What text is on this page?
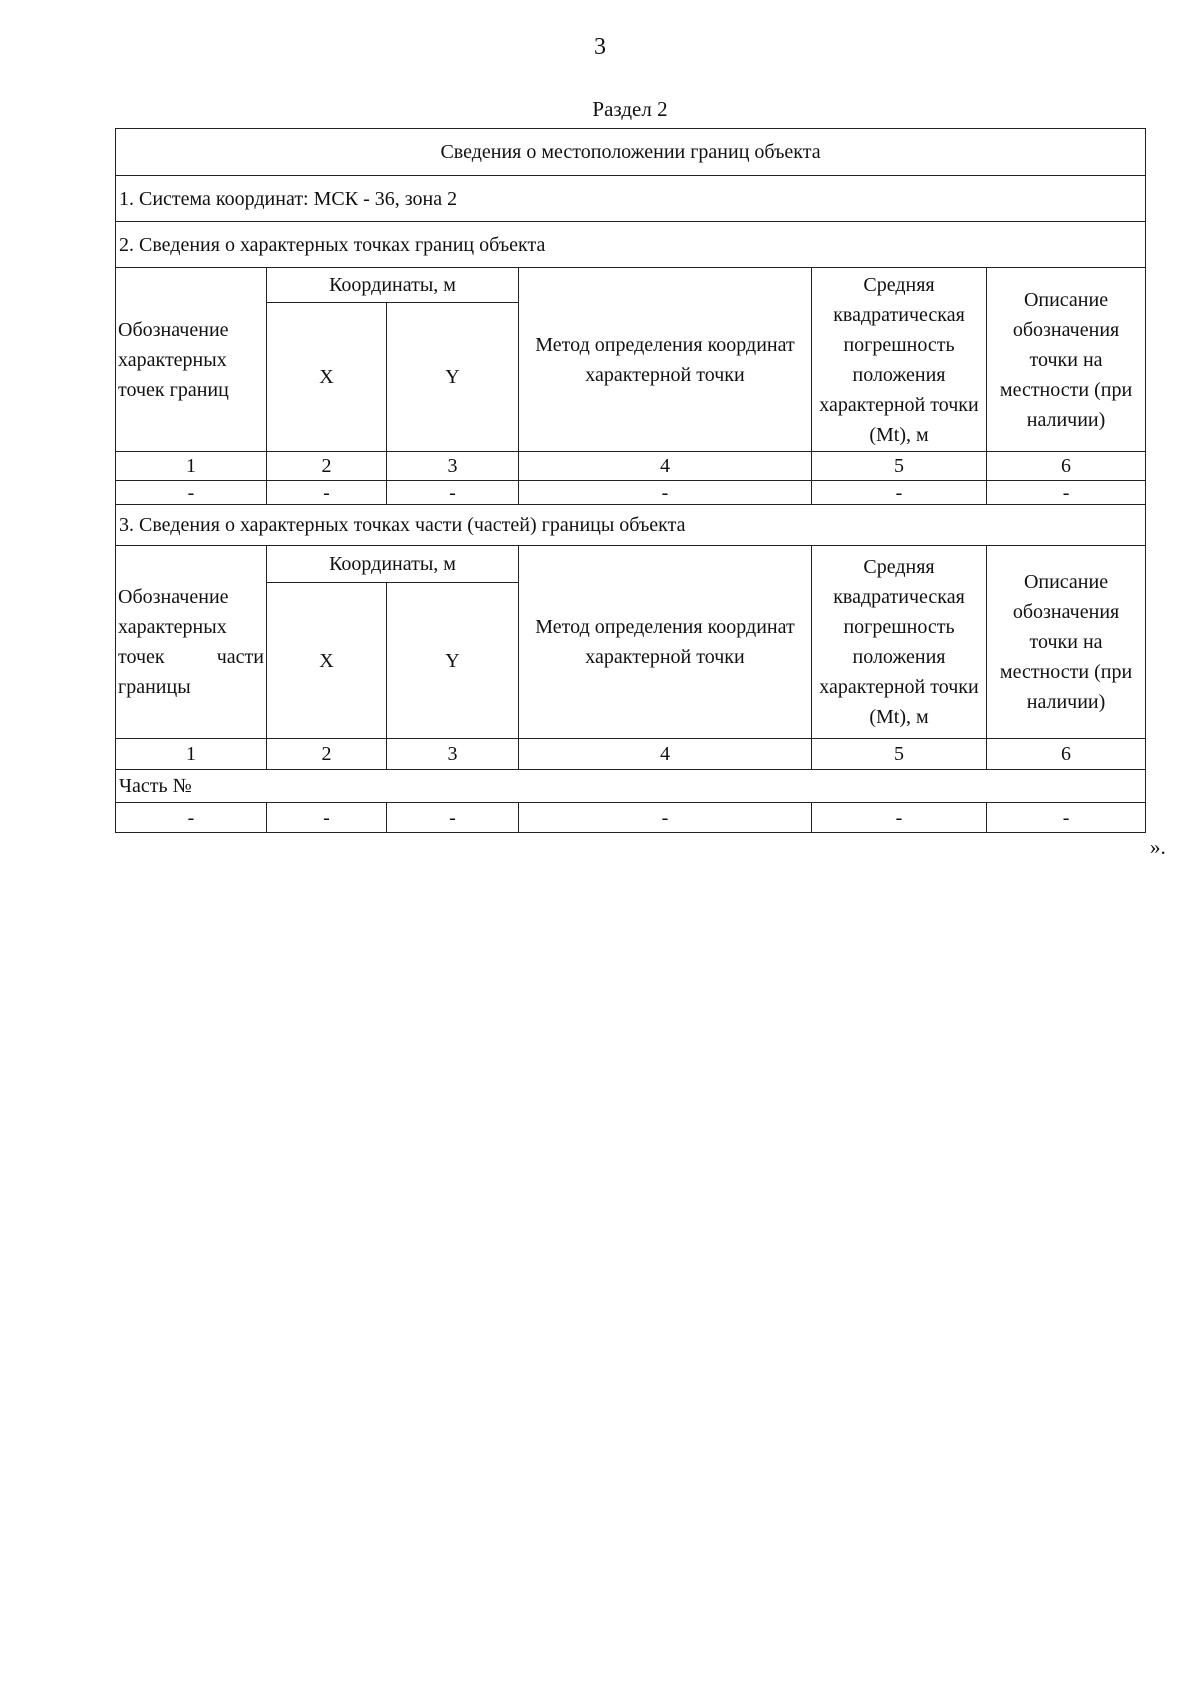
3
Раздел 2
Сведения о местоположении границ объекта					
1. Система координат: МСК - 36, зона 2					
2. Сведения о характерных точках границ объекта					
Обозначение характерных точек границ	Координаты, м		Метод определения координат характерной точки	Средняя квадратическая погрешность положения характерной точки (Mt), м	Описание обозначения точки на местности (при наличии)
	X	Y			
1	2	3	4	5	6
-	-	-	-	-	-
3. Сведения о характерных точках части (частей) границы объекта					
Обозначение характерных точек части границы	Координаты, м		Метод определения координат характерной точки	Средняя квадратическая погрешность положения характерной точки (Mt), м	Описание обозначения точки на местности (при наличии)
	X	Y			
1	2	3	4	5	6
Часть №					
-	-	-	-	-	-
».
